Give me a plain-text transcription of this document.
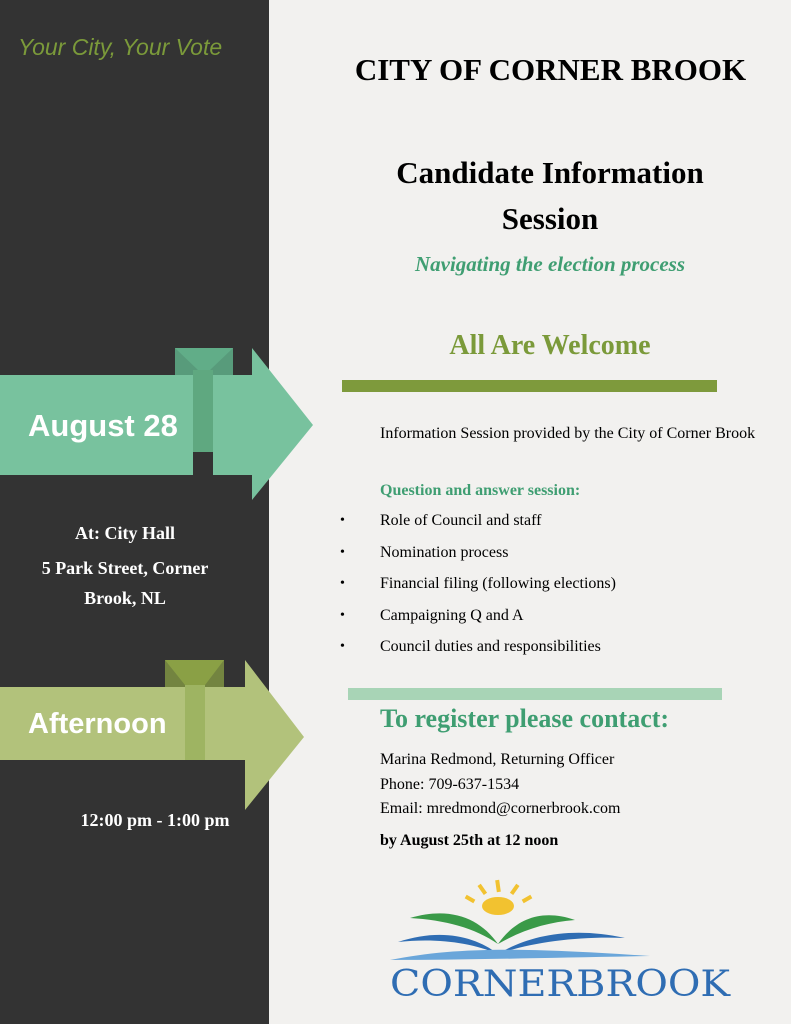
Your City, Your Vote
August 28
At: City Hall
5 Park Street, Corner
Brook, NL
Afternoon
12:00 pm - 1:00 pm
CITY OF CORNER BROOK
Candidate Information
Session
Navigating the election process
All Are Welcome
Information Session provided by the City of Corner Brook
Question and answer session:
• Role of Council and staff
• Nomination process
• Financial filing (following elections)
• Campaigning Q and A
• Council duties and responsibilities
To register please contact:
Marina Redmond, Returning Officer
Phone: 709-637-1534
Email: mredmond@cornerbrook.com
by August 25th at 12 noon
CORNERBROOK
